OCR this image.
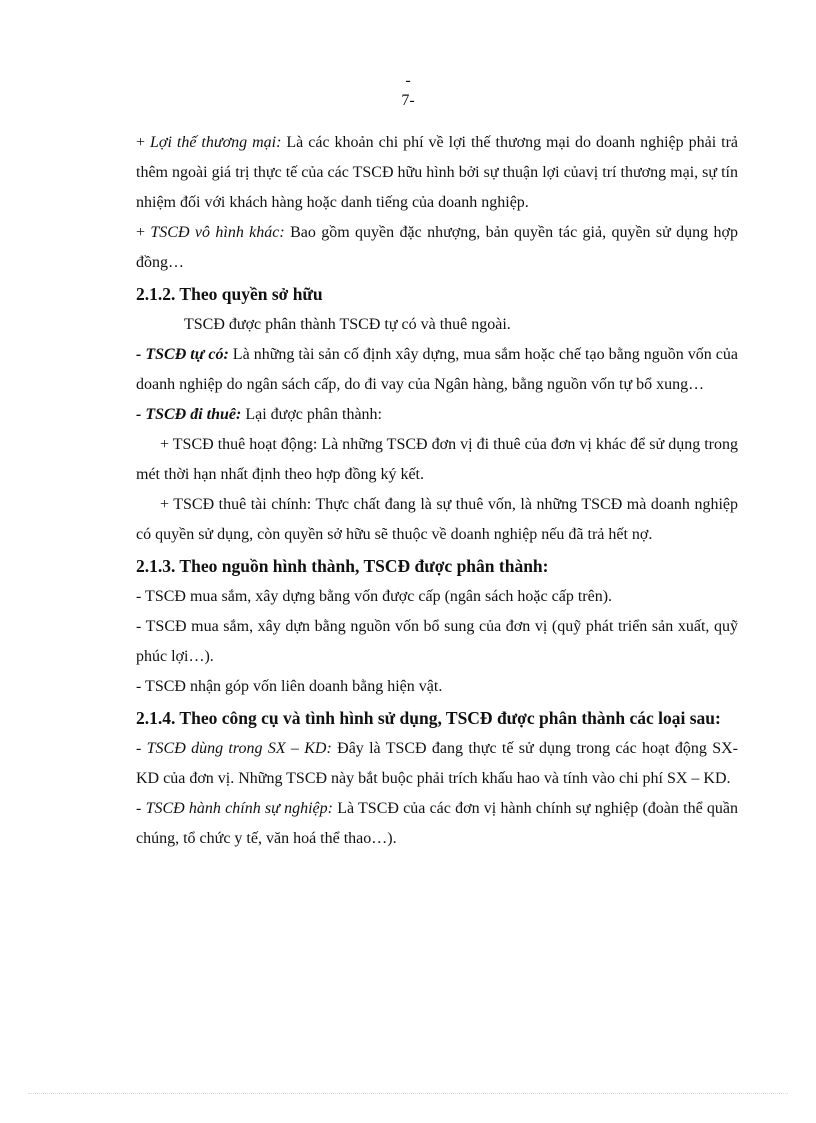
-
7-

+ Lợi thế thương mại: Là các khoản chi phí về lợi thế thương mại do doanh nghiệp phải trả thêm ngoài giá trị thực tế của các TSCĐ hữu hình bởi sự thuận lợi củavị trí thương mại, sự tín nhiệm đối với khách hàng hoặc danh tiếng của doanh nghiệp.

+ TSCĐ vô hình khác: Bao gồm quyền đặc nhượng, bản quyền tác giả, quyền sử dụng hợp đồng…

2.1.2. Theo quyền sở hữu

TSCĐ được phân thành TSCĐ tự có và thuê ngoài.

- TSCĐ tự có: Là những tài sản cố định xây dựng, mua sắm hoặc chế tạo bằng nguồn vốn của doanh nghiệp do ngân sách cấp, do đi vay của Ngân hàng, bằng nguồn vốn tự bổ xung…

- TSCĐ đi thuê: Lại được phân thành:

+ TSCĐ thuê hoạt động: Là những TSCĐ đơn vị đi thuê của đơn vị khác để sử dụng trong mét thời hạn nhất định theo hợp đồng ký kết.

+ TSCĐ thuê tài chính: Thực chất đang là sự thuê vốn, là những TSCĐ mà doanh nghiệp có quyền sử dụng, còn quyền sở hữu sẽ thuộc về doanh nghiệp nếu đã trả hết nợ.

2.1.3. Theo nguồn hình thành, TSCĐ được phân thành:

- TSCĐ mua sắm, xây dựng bằng vốn được cấp (ngân sách hoặc cấp trên).

- TSCĐ mua sắm, xây dựn bằng nguồn vốn bổ sung của đơn vị (quỹ phát triển sản xuất, quỹ phúc lợi…).

- TSCĐ nhận góp vốn liên doanh bằng hiện vật.

2.1.4. Theo công cụ và tình hình sử dụng, TSCĐ được phân thành các loại sau:

- TSCĐ dùng trong SX – KD: Đây là TSCĐ đang thực tế sử dụng trong các hoạt động SX- KD của đơn vị. Những TSCĐ này bắt buộc phải trích khấu hao và tính vào chi phí SX – KD.

- TSCĐ hành chính sự nghiệp: Là TSCĐ của các đơn vị hành chính sự nghiệp (đoàn thể quần chúng, tổ chức y tế, văn hoá thể thao…).
